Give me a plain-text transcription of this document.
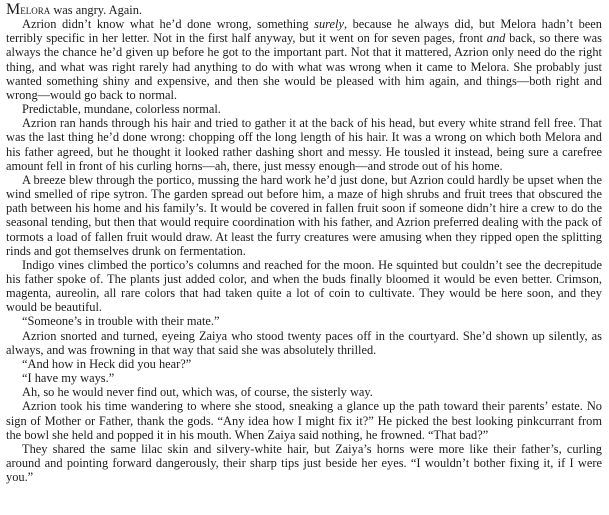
Melora was angry. Again.

Azrion didn’t know what he’d done wrong, something surely, because he always did, but Melora hadn’t been terribly specific in her letter. Not in the first half anyway, but it went on for seven pages, front and back, so there was always the chance he’d given up before he got to the important part. Not that it mattered, Azrion only need do the right thing, and what was right rarely had anything to do with what was wrong when it came to Melora. She probably just wanted something shiny and expensive, and then she would be pleased with him again, and things—both right and wrong—would go back to normal.

Predictable, mundane, colorless normal.

Azrion ran hands through his hair and tried to gather it at the back of his head, but every white strand fell free. That was the last thing he’d done wrong: chopping off the long length of his hair. It was a wrong on which both Melora and his father agreed, but he thought it looked rather dashing short and messy. He tousled it instead, being sure a carefree amount fell in front of his curling horns—ah, there, just messy enough—and strode out of his home.

A breeze blew through the portico, mussing the hard work he’d just done, but Azrion could hardly be upset when the wind smelled of ripe sytron. The garden spread out before him, a maze of high shrubs and fruit trees that obscured the path between his home and his family’s. It would be covered in fallen fruit soon if someone didn’t hire a crew to do the seasonal tending, but then that would require coordination with his father, and Azrion preferred dealing with the pack of tormots a load of fallen fruit would draw. At least the furry creatures were amusing when they ripped open the splitting rinds and got themselves drunk on fermentation.

Indigo vines climbed the portico’s columns and reached for the moon. He squinted but couldn’t see the decrepitude his father spoke of. The plants just added color, and when the buds finally bloomed it would be even better. Crimson, magenta, aureolin, all rare colors that had taken quite a lot of coin to cultivate. They would be here soon, and they would be beautiful.

“Someone’s in trouble with their mate.”

Azrion snorted and turned, eyeing Zaiya who stood twenty paces off in the courtyard. She’d shown up silently, as always, and was frowning in that way that said she was absolutely thrilled.

“And how in Heck did you hear?”

“I have my ways.”

Ah, so he would never find out, which was, of course, the sisterly way.

Azrion took his time wandering to where she stood, sneaking a glance up the path toward their parents’ estate. No sign of Mother or Father, thank the gods. “Any idea how I might fix it?” He picked the best looking pinkcurrant from the bowl she held and popped it in his mouth. When Zaiya said nothing, he frowned. “That bad?”

They shared the same lilac skin and silvery-white hair, but Zaiya’s horns were more like their father’s, curling around and pointing forward dangerously, their sharp tips just beside her eyes. “I wouldn’t bother fixing it, if I were you.”
